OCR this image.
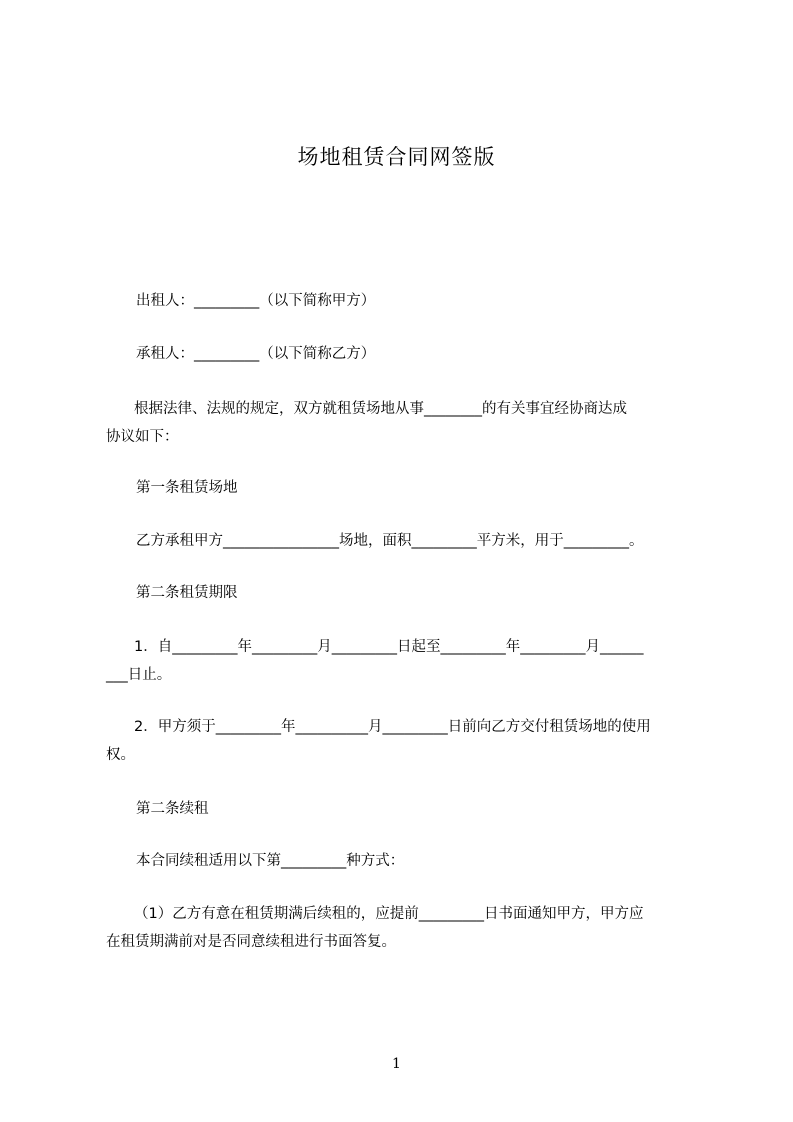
场地租赁合同网签版
出租人：_________（以下简称甲方）
承租人：_________（以下简称乙方）
根据法律、法规的规定，双方就租赁场地从事________的有关事宜经协商达成
协议如下：
第一条租赁场地
乙方承租甲方________________场地，面积_________平方米，用于_________。
第二条租赁期限
1．自_________年_________月_________日起至_________年_________月______
___日止。
2．甲方须于_________年__________月_________日前向乙方交付租赁场地的使用
权。
第二条续租
本合同续租适用以下第_________种方式：
（1）乙方有意在租赁期满后续租的，应提前_________日书面通知甲方，甲方应
在租赁期满前对是否同意续租进行书面答复。
1
